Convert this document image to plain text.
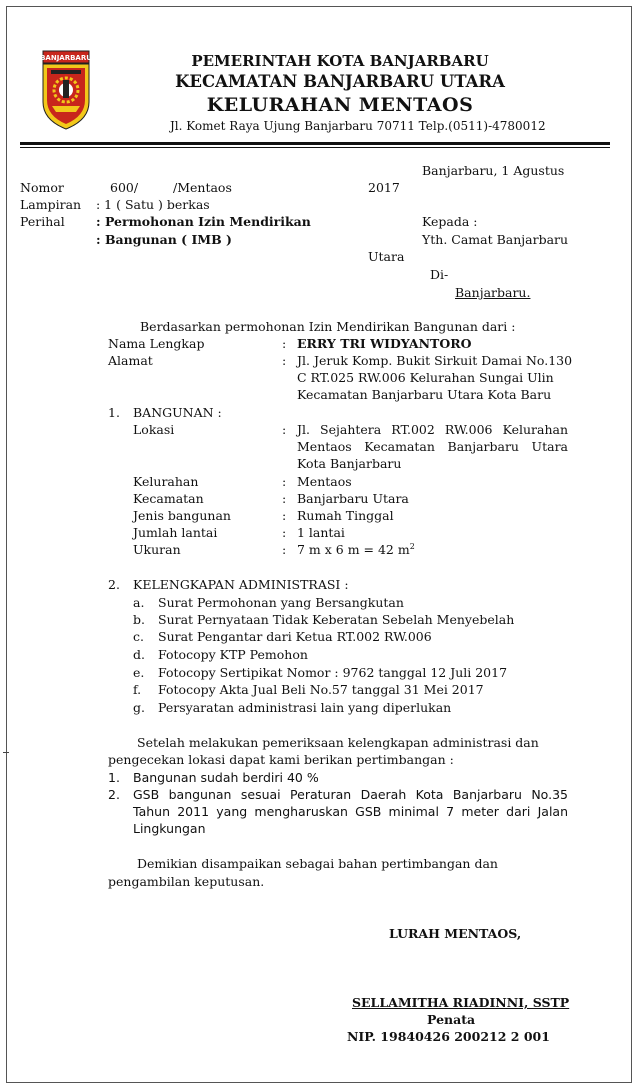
BANJARBARU	PEMERINTAH KOTA BANJARBARU
KECAMATAN BANJARBARU UTARA
KELURAHAN MENTAOS
Jl. Komet Raya Ujung Banjarbaru 70711 Telp.(0511)-4780012
Banjarbaru, 1 Agustus
2017
Nomor	600/	/Mentaos
Lampiran : 1 ( Satu ) berkas
Perihal	: Permohonan Izin Mendirikan
: Bangunan ( IMB )
Kepada :
Yth. Camat Banjarbaru
Utara
Di-
Banjarbaru.
Berdasarkan permohonan Izin Mendirikan Bangunan dari :
Nama Lengkap	: ERRY TRI WIDYANTORO
Alamat	: Jl. Jeruk Komp. Bukit Sirkuit Damai No.130
C RT.025 RW.006 Kelurahan Sungai Ulin
Kecamatan Banjarbaru Utara Kota Baru
1. BANGUNAN :
Lokasi	: Jl. Sejahtera RT.002 RW.006 Kelurahan
Mentaos Kecamatan Banjarbaru Utara
Kota Banjarbaru
Kelurahan	: Mentaos
Kecamatan	: Banjarbaru Utara
Jenis bangunan	: Rumah Tinggal
Jumlah lantai	: 1 lantai
Ukuran	: 7 m x 6 m = 42 $m^2$
2. KELENGKAPAN ADMINISTRASI :
a. Surat Permohonan yang Bersangkutan
b. Surat Pernyataan Tidak Keberatan Sebelah Menyebelah
c. Surat Pengantar dari Ketua RT.002 RW.006
d. Fotocopy KTP Pemohon
e. Fotocopy Sertipikat Nomor : 9762 tanggal 12 Juli 2017
f. Fotocopy Akta Jual Beli No.57 tanggal 31 Mei 2017
g. Persyaratan administrasi lain yang diperlukan
Setelah melakukan pemeriksaan kelengkapan administrasi dan
pengecekan lokasi dapat kami berikan pertimbangan :
1. Bangunan sudah berdiri 40 %
2. GSB bangunan sesuai Peraturan Daerah Kota Banjarbaru No.35
Tahun 2011 yang mengharuskan GSB minimal 7 meter dari Jalan
Lingkungan
Demikian disampaikan sebagai bahan pertimbangan dan
pengambilan keputusan.
LURAH MENTAOS,
SELLAMITHA RIADINNI, SSTP
Penata
NIP. 19840426 200212 2 001
